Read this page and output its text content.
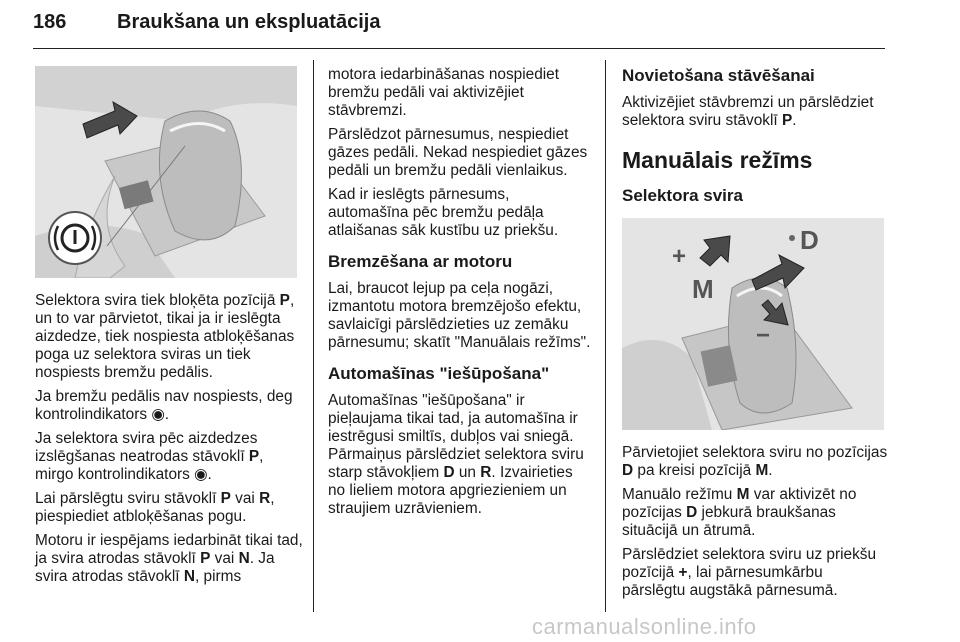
186	Braukšana un ekspluatācija

Selektora svira tiek bloķēta pozīcijā P, un to var pārvietot, tikai ja ir ieslēgta aizdedze, tiek nospiesta atbloķēšanas poga uz selektora sviras un tiek nospiests bremžu pedālis.

Ja bremžu pedālis nav nospiests, deg kontrolindikators ◉.

Ja selektora svira pēc aizdedzes izslēgšanas neatrodas stāvoklī P, mirgo kontrolindikators ◉.

Lai pārslēgtu sviru stāvoklī P vai R, piespiediet atbloķēšanas pogu.

Motoru ir iespējams iedarbināt tikai tad, ja svira atrodas stāvoklī P vai N. Ja svira atrodas stāvoklī N, pirms

motora iedarbināšanas nospiediet bremžu pedāli vai aktivizējiet stāvbremzi.

Pārslēdzot pārnesumus, nespiediet gāzes pedāli. Nekad nespiediet gāzes pedāli un bremžu pedāli vienlaikus.

Kad ir ieslēgts pārnesums, automašīna pēc bremžu pedāļa atlaišanas sāk kustību uz priekšu.

Bremzēšana ar motoru

Lai, braucot lejup pa ceļa nogāzi, izmantotu motora bremzējošo efektu, savlaicīgi pārslēdzieties uz zemāku pārnesumu; skatīt "Manuālais režīms".

Automašīnas "iešūpošana"

Automašīnas "iešūpošana" ir pieļaujama tikai tad, ja automašīna ir iestrēgusi smiltīs, dubļos vai sniegā. Pārmaiņus pārslēdziet selektora sviru starp stāvokļiem D un R. Izvairieties no lieliem motora apgriezieniem un straujiem uzrāvieniem.

Novietošana stāvēšanai

Aktivizējiet stāvbremzi un pārslēdziet selektora sviru stāvoklī P.

Manuālais režīms
Selektora svira
+
−
D
M

Pārvietojiet selektora sviru no pozīcijas D pa kreisi pozīcijā M.

Manuālo režīmu M var aktivizēt no pozīcijas D jebkurā braukšanas situācijā un ātrumā.

Pārslēdziet selektora sviru uz priekšu pozīcijā +, lai pārnesumkārbu pārslēgtu augstākā pārnesumā.

carmanualsonline.info
